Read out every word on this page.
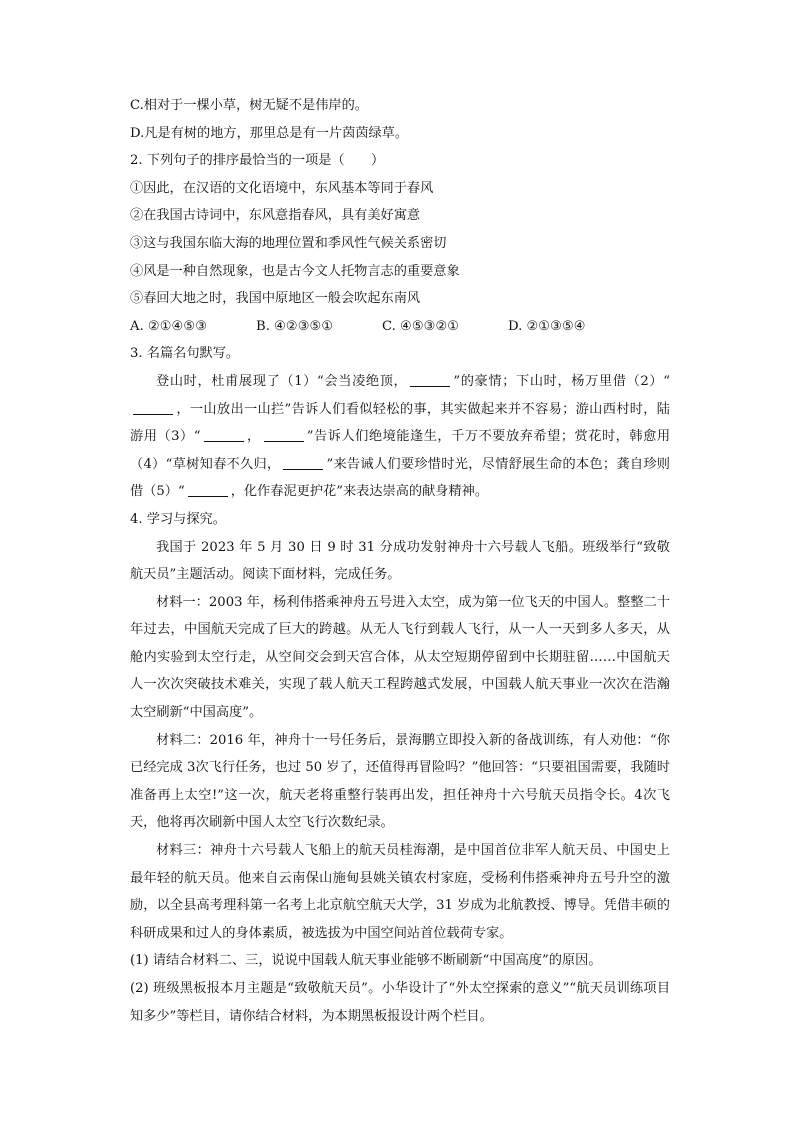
C.相对于一棵小草，树无疑不是伟岸的。
D.凡是有树的地方，那里总是有一片茵茵绿草。
2. 下列句子的排序最恰当的一项是（　　）
①因此，在汉语的文化语境中，东风基本等同于春风
②在我国古诗词中，东风意指春风，具有美好寓意
③这与我国东临大海的地理位置和季风性气候关系密切
④风是一种自然现象，也是古今文人托物言志的重要意象
⑤春回大地之时，我国中原地区一般会吹起东南风
A. ②①④⑤③	B. ④②③⑤①	C. ④⑤③②①	D. ②①③⑤④
3. 名篇名句默写。
登山时，杜甫展现了（1）“会当凌绝顶，	”的豪情；下山时，杨万里借（2）“，一山放出一山拦”告诉人们看似轻松的事，其实做起来并不容易；游山西村时，陆游用（3）“	，	”告诉人们绝境能逢生，千万不要放弃希望；赏花时，韩愈用（4）“草树知春不久归，	”来告诫人们要珍惜时光，尽情舒展生命的本色；龚自珍则借（5）“	，化作春泥更护花”来表达崇高的献身精神。
4. 学习与探究。
我国于 2023 年 5 月 30 日 9 时 31 分成功发射神舟十六号载人飞船。班级举行“致敬航天员”主题活动。阅读下面材料，完成任务。
材料一：2003 年，杨利伟搭乘神舟五号进入太空，成为第一位飞天的中国人。整整二十年过去，中国航天完成了巨大的跨越。从无人飞行到载人飞行，从一人一天到多人多天，从舱内实验到太空行走，从空间交会到天宫合体，从太空短期停留到中长期驻留……中国航天人一次次突破技术难关，实现了载人航天工程跨越式发展，中国载人航天事业一次次在浩瀚太空刷新“中国高度”。
材料二：2016 年，神舟十一号任务后，景海鹏立即投入新的备战训练，有人劝他：“你已经完成 3次飞行任务，也过 50 岁了，还值得再冒险吗？”他回答：“只要祖国需要，我随时准备再上太空!”这一次，航天老将重整行装再出发，担任神舟十六号航天员指令长。4次飞天，他将再次刷新中国人太空飞行次数纪录。
材料三：神舟十六号载人飞船上的航天员桂海潮，是中国首位非军人航天员、中国史上最年轻的航天员。他来自云南保山施甸县姚关镇农村家庭，受杨利伟搭乘神舟五号升空的激励，以全县高考理科第一名考上北京航空航天大学，31 岁成为北航教授、博导。凭借丰硕的科研成果和过人的身体素质，被选拔为中国空间站首位载荷专家。
(1) 请结合材料二、三，说说中国载人航天事业能够不断刷新“中国高度”的原因。
(2) 班级黑板报本月主题是“致敬航天员”。小华设计了“外太空探索的意义”“航天员训练项目知多少”等栏目，请你结合材料，为本期黑板报设计两个栏目。
